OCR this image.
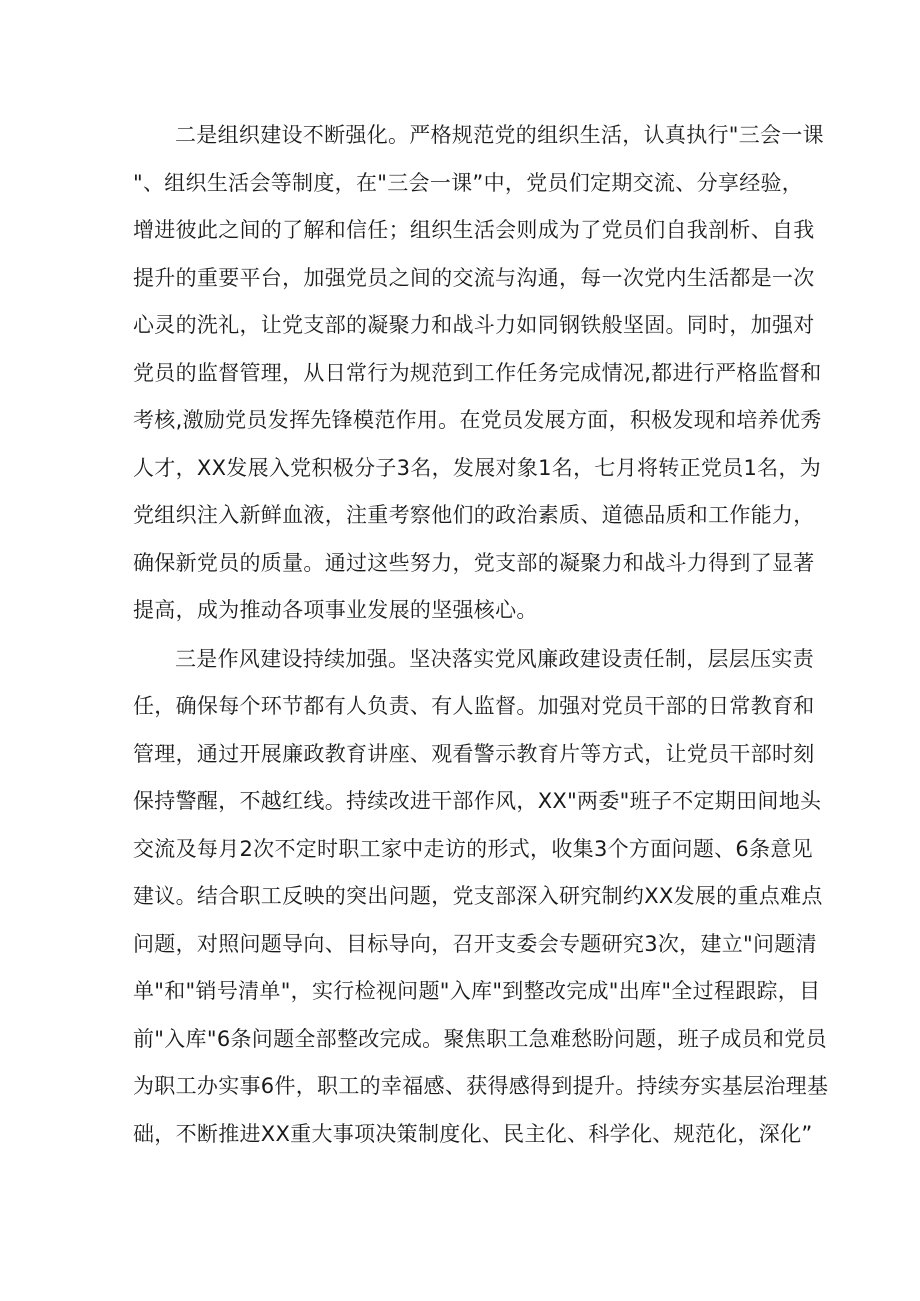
二是组织建设不断强化。严格规范党的组织生活，认真执行"三会一课
"、组织生活会等制度，在"三会一课”中，党员们定期交流、分享经验，
增进彼此之间的了解和信任；组织生活会则成为了党员们自我剖析、自我
提升的重要平台，加强党员之间的交流与沟通，每一次党内生活都是一次
心灵的洗礼，让党支部的凝聚力和战斗力如同钢铁般坚固。同时，加强对
党员的监督管理，从日常行为规范到工作任务完成情况,都进行严格监督和
考核,激励党员发挥先锋模范作用。在党员发展方面，积极发现和培养优秀
人才，XX发展入党积极分子3名，发展对象1名，七月将转正党员1名，为
党组织注入新鲜血液，注重考察他们的政治素质、道德品质和工作能力，
确保新党员的质量。通过这些努力，党支部的凝聚力和战斗力得到了显著
提高，成为推动各项事业发展的坚强核心。

三是作风建设持续加强。坚决落实党风廉政建设责任制，层层压实责
任，确保每个环节都有人负责、有人监督。加强对党员干部的日常教育和
管理，通过开展廉政教育讲座、观看警示教育片等方式，让党员干部时刻
保持警醒，不越红线。持续改进干部作风，XX"两委"班子不定期田间地头
交流及每月2次不定时职工家中走访的形式，收集3个方面问题、6条意见
建议。结合职工反映的突出问题，党支部深入研究制约XX发展的重点难点
问题，对照问题导向、目标导向，召开支委会专题研究3次，建立"问题清
单"和"销号清单"，实行检视问题"入库"到整改完成"出库"全过程跟踪，目
前"入库"6条问题全部整改完成。聚焦职工急难愁盼问题，班子成员和党员
为职工办实事6件，职工的幸福感、获得感得到提升。持续夯实基层治理基
础，不断推进XX重大事项决策制度化、民主化、科学化、规范化，深化”
